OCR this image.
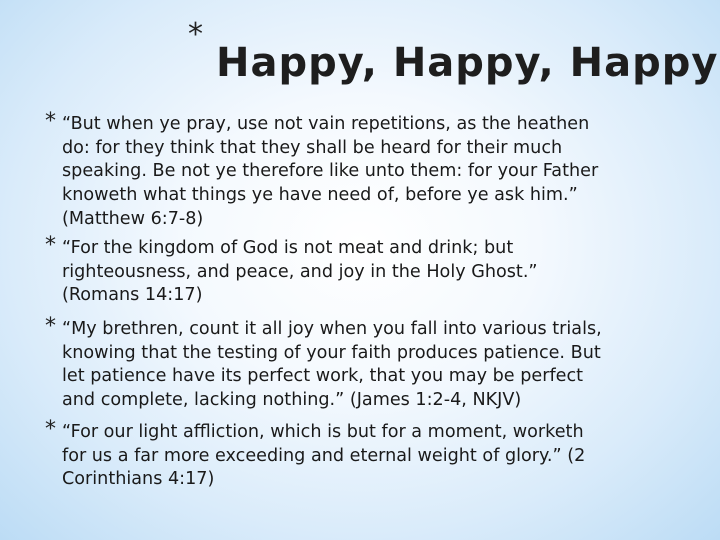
*
Happy, Happy, Happy
* “But when ye pray, use not vain repetitions, as the heathen
do: for they think that they shall be heard for their much
speaking. Be not ye therefore like unto them: for your Father
knoweth what things ye have need of, before ye ask him.”
(Matthew 6:7-8)
* “For the kingdom of God is not meat and drink; but
righteousness, and peace, and joy in the Holy Ghost.”
(Romans 14:17)
* “My brethren, count it all joy when you fall into various trials,
knowing that the testing of your faith produces patience. But
let patience have its perfect work, that you may be perfect
and complete, lacking nothing.” (James 1:2-4, NKJV)
* “For our light affliction, which is but for a moment, worketh
for us a far more exceeding and eternal weight of glory.” (2
Corinthians 4:17)
